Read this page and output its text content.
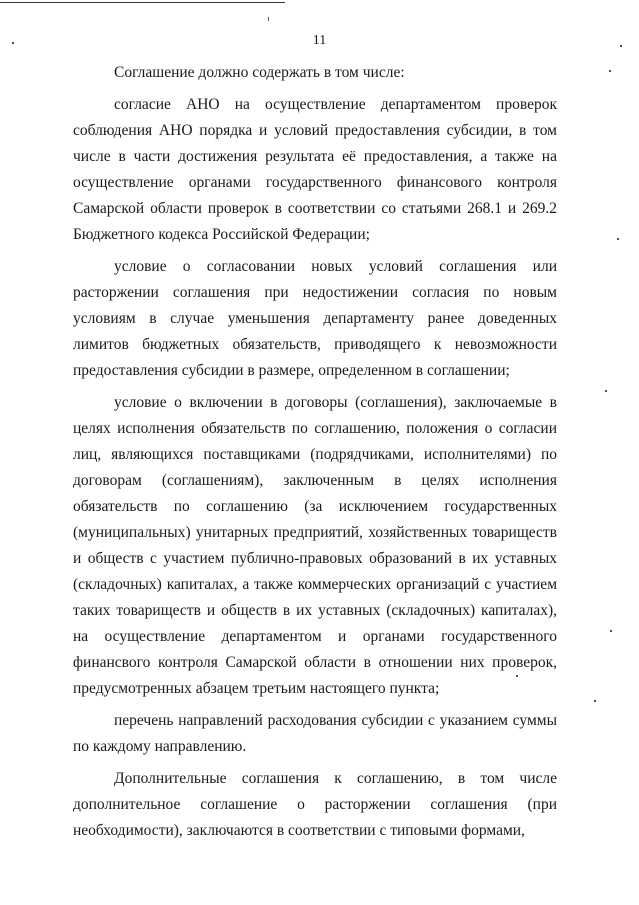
11

Соглашение должно содержать в том числе:

согласие АНО на осуществление департаментом проверок соблюдения АНО порядка и условий предоставления субсидии, в том числе в части достижения результата её предоставления, а также на осуществление органами государственного финансового контроля Самарской области проверок в соответствии со статьями 268.1 и 269.2 Бюджетного кодекса Российской Федерации;

условие о согласовании новых условий соглашения или расторжении соглашения при недостижении согласия по новым условиям в случае уменьшения департаменту ранее доведенных лимитов бюджетных обязательств, приводящего к невозможности предоставления субсидии в размере, определенном в соглашении;

условие о включении в договоры (соглашения), заключаемые в целях исполнения обязательств по соглашению, положения о согласии лиц, являющихся поставщиками (подрядчиками, исполнителями) по договорам (соглашениям), заключенным в целях исполнения обязательств по соглашению (за исключением государственных (муниципальных) унитарных предприятий, хозяйственных товариществ и обществ с участием публично-правовых образований в их уставных (складочных) капиталах, а также коммерческих организаций с участием таких товариществ и обществ в их уставных (складочных) капиталах), на осуществление департаментом и органами государственного финансвого контроля Самарской области в отношении них проверок, предусмотренных абзацем третьим настоящего пункта;

перечень направлений расходования субсидии с указанием суммы по каждому направлению.

Дополнительные соглашения к соглашению, в том числе дополнительное соглашение о расторжении соглашения (при необходимости), заключаются в соответствии с типовыми формами,
